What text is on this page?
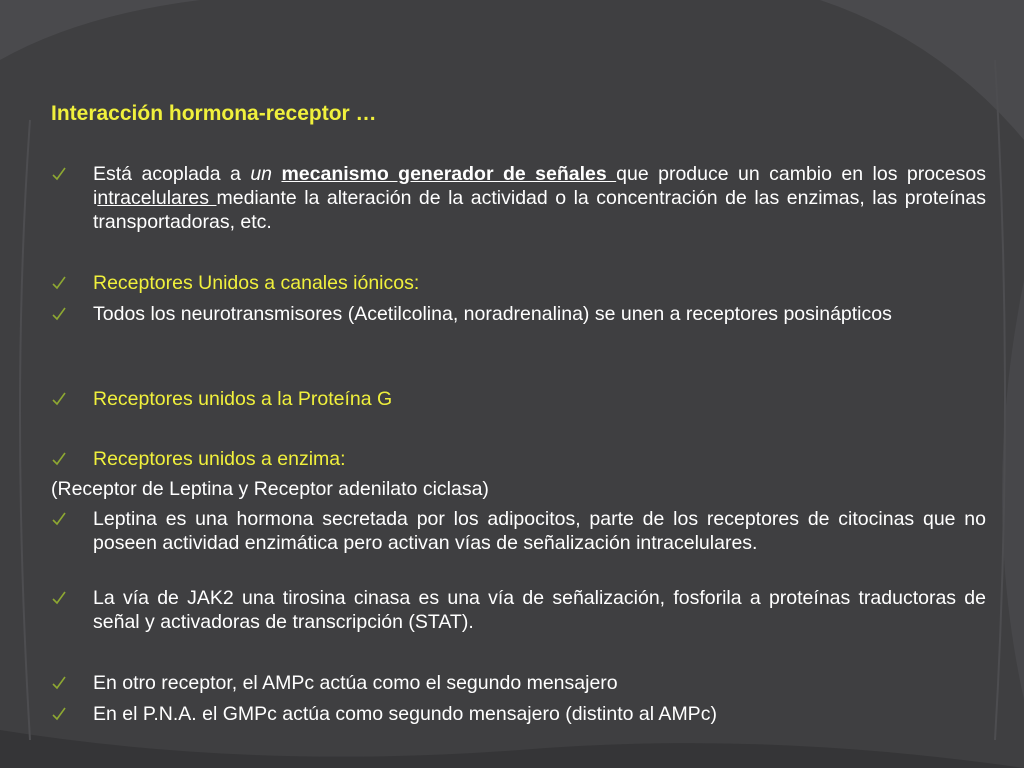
Interacción hormona-receptor …
Está acoplada a un mecanismo generador de señales que produce un cambio en los procesos intracelulares mediante la alteración de la actividad o la concentración de las enzimas, las proteínas transportadoras, etc.
Receptores Unidos a canales iónicos:
Todos los neurotransmisores (Acetilcolina, noradrenalina) se unen a receptores posinápticos
Receptores unidos a la Proteína G
Receptores unidos a enzima:
(Receptor de Leptina y Receptor adenilato ciclasa)
Leptina es una hormona secretada por los adipocitos, parte de los receptores de citocinas que no poseen actividad enzimática pero activan vías de señalización intracelulares.
La vía de JAK2 una tirosina cinasa es una vía de señalización, fosforila a proteínas traductoras de señal y activadoras de transcripción (STAT).
En otro receptor, el AMPc actúa como el segundo mensajero
En el P.N.A. el GMPc actúa como segundo mensajero (distinto al AMPc)
